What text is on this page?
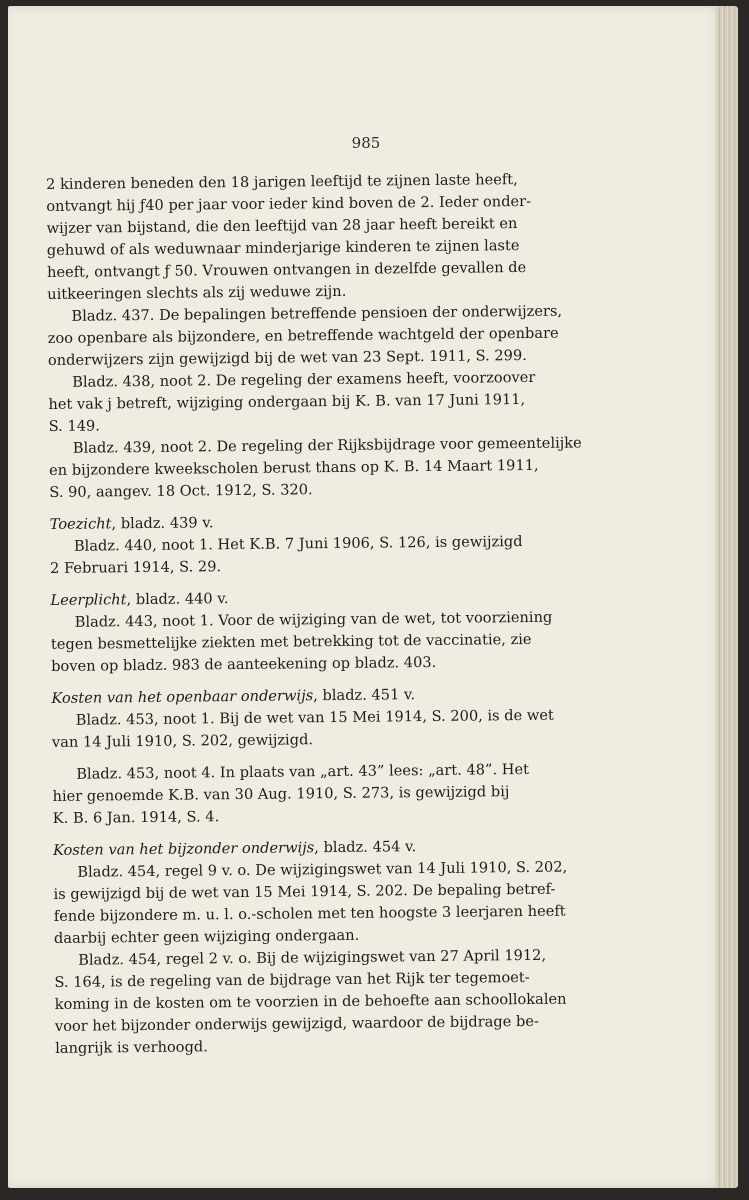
985
2 kinderen beneden den 18 jarigen leeftijd te zijnen laste heeft,
ontvangt hij ƒ40 per jaar voor ieder kind boven de 2. Ieder onder-
wijzer van bijstand, die den leeftijd van 28 jaar heeft bereikt en
gehuwd of als weduwnaar minderjarige kinderen te zijnen laste
heeft, ontvangt ƒ 50. Vrouwen ontvangen in dezelfde gevallen de
uitkeeringen slechts als zij weduwe zijn.
Bladz. 437. De bepalingen betreffende pensioen der onderwijzers,
zoo openbare als bijzondere, en betreffende wachtgeld der openbare
onderwijzers zijn gewijzigd bij de wet van 23 Sept. 1911, S. 299.
Bladz. 438, noot 2. De regeling der examens heeft, voorzoover
het vak j betreft, wijziging ondergaan bij K. B. van 17 Juni 1911,
S. 149.
Bladz. 439, noot 2. De regeling der Rijksbijdrage voor gemeentelijke
en bijzondere kweekscholen berust thans op K. B. 14 Maart 1911,
S. 90, aangev. 18 Oct. 1912, S. 320.
Toezicht, bladz. 439 v.
Bladz. 440, noot 1. Het K.B. 7 Juni 1906, S. 126, is gewijzigd
2 Februari 1914, S. 29.
Leerplicht, bladz. 440 v.
Bladz. 443, noot 1. Voor de wijziging van de wet, tot voorziening
tegen besmettelijke ziekten met betrekking tot de vaccinatie, zie
boven op bladz. 983 de aanteekening op bladz. 403.
Kosten van het openbaar onderwijs, bladz. 451 v.
Bladz. 453, noot 1. Bij de wet van 15 Mei 1914, S. 200, is de wet
van 14 Juli 1910, S. 202, gewijzigd.
Bladz. 453, noot 4. In plaats van „art. 43” lees: „art. 48”. Het
hier genoemde K.B. van 30 Aug. 1910, S. 273, is gewijzigd bij
K. B. 6 Jan. 1914, S. 4.
Kosten van het bijzonder onderwijs, bladz. 454 v.
Bladz. 454, regel 9 v. o. De wijzigingswet van 14 Juli 1910, S. 202,
is gewijzigd bij de wet van 15 Mei 1914, S. 202. De bepaling betref-
fende bijzondere m. u. l. o.-scholen met ten hoogste 3 leerjaren heeft
daarbij echter geen wijziging ondergaan.
Bladz. 454, regel 2 v. o. Bij de wijzigingswet van 27 April 1912,
S. 164, is de regeling van de bijdrage van het Rijk ter tegemoet-
koming in de kosten om te voorzien in de behoefte aan schoollokalen
voor het bijzonder onderwijs gewijzigd, waardoor de bijdrage be-
langrijk is verhoogd.
